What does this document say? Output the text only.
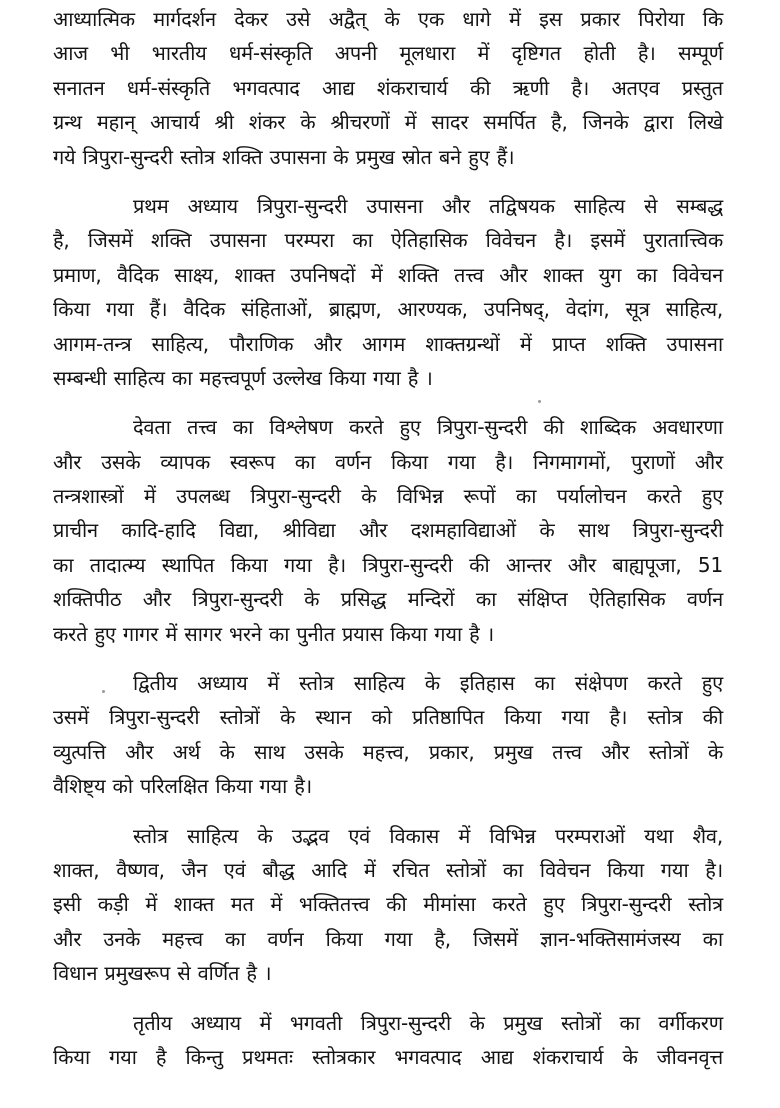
आध्यात्मिक मार्गदर्शन देकर उसे अद्वैत् के एक धागे में इस प्रकार पिरोया कि
आज भी भारतीय धर्म-संस्कृति अपनी मूलधारा में दृष्टिगत होती है। सम्पूर्ण
सनातन धर्म-संस्कृति भगवत्पाद आद्य शंकराचार्य की ऋणी है। अतएव प्रस्तुत
ग्रन्थ महान् आचार्य श्री शंकर के श्रीचरणों में सादर समर्पित है, जिनके द्वारा लिखे
गये त्रिपुरा-सुन्दरी स्तोत्र शक्ति उपासना के प्रमुख स्रोत बने हुए हैं।
प्रथम अध्याय त्रिपुरा-सुन्दरी उपासना और तद्विषयक साहित्य से सम्बद्ध
है, जिसमें शक्ति उपासना परम्परा का ऐतिहासिक विवेचन है। इसमें पुरातात्त्विक
प्रमाण, वैदिक साक्ष्य, शाक्त उपनिषदों में शक्ति तत्त्व और शाक्त युग का विवेचन
किया गया हैं। वैदिक संहिताओं, ब्राह्मण, आरण्यक, उपनिषद्, वेदांग, सूत्र साहित्य,
आगम-तन्त्र साहित्य, पौराणिक और आगम शाक्तग्रन्थों में प्राप्त शक्ति उपासना
सम्बन्धी साहित्य का महत्त्वपूर्ण उल्लेख किया गया है ।
देवता तत्त्व का विश्लेषण करते हुए त्रिपुरा-सुन्दरी की शाब्दिक अवधारणा
और उसके व्यापक स्वरूप का वर्णन किया गया है। निगमागमों, पुराणों और
तन्त्रशास्त्रों में उपलब्ध त्रिपुरा-सुन्दरी के विभिन्न रूपों का पर्यालोचन करते हुए
प्राचीन कादि-हादि विद्या, श्रीविद्या और दशमहाविद्याओं के साथ त्रिपुरा-सुन्दरी
का तादात्म्य स्थापित किया गया है। त्रिपुरा-सुन्दरी की आन्तर और बाह्यपूजा, 51
शक्तिपीठ और त्रिपुरा-सुन्दरी के प्रसिद्ध मन्दिरों का संक्षिप्त ऐतिहासिक वर्णन
करते हुए गागर में सागर भरने का पुनीत प्रयास किया गया है ।
द्वितीय अध्याय में स्तोत्र साहित्य के इतिहास का संक्षेपण करते हुए
उसमें त्रिपुरा-सुन्दरी स्तोत्रों के स्थान को प्रतिष्ठापित किया गया है। स्तोत्र की
व्युत्पत्ति और अर्थ के साथ उसके महत्त्व, प्रकार, प्रमुख तत्त्व और स्तोत्रों के
वैशिष्ट्य को परिलक्षित किया गया है।
स्तोत्र साहित्य के उद्भव एवं विकास में विभिन्न परम्पराओं यथा शैव,
शाक्त, वैष्णव, जैन एवं बौद्ध आदि में रचित स्तोत्रों का विवेचन किया गया है।
इसी कड़ी में शाक्त मत में भक्तितत्त्व की मीमांसा करते हुए त्रिपुरा-सुन्दरी स्तोत्र
और उनके महत्त्व का वर्णन किया गया है, जिसमें ज्ञान-भक्तिसामंजस्य का
विधान प्रमुखरूप से वर्णित है ।
तृतीय अध्याय में भगवती त्रिपुरा-सुन्दरी के प्रमुख स्तोत्रों का वर्गीकरण
किया गया है किन्तु प्रथमतः स्तोत्रकार भगवत्पाद आद्य शंकराचार्य के जीवनवृत्त
